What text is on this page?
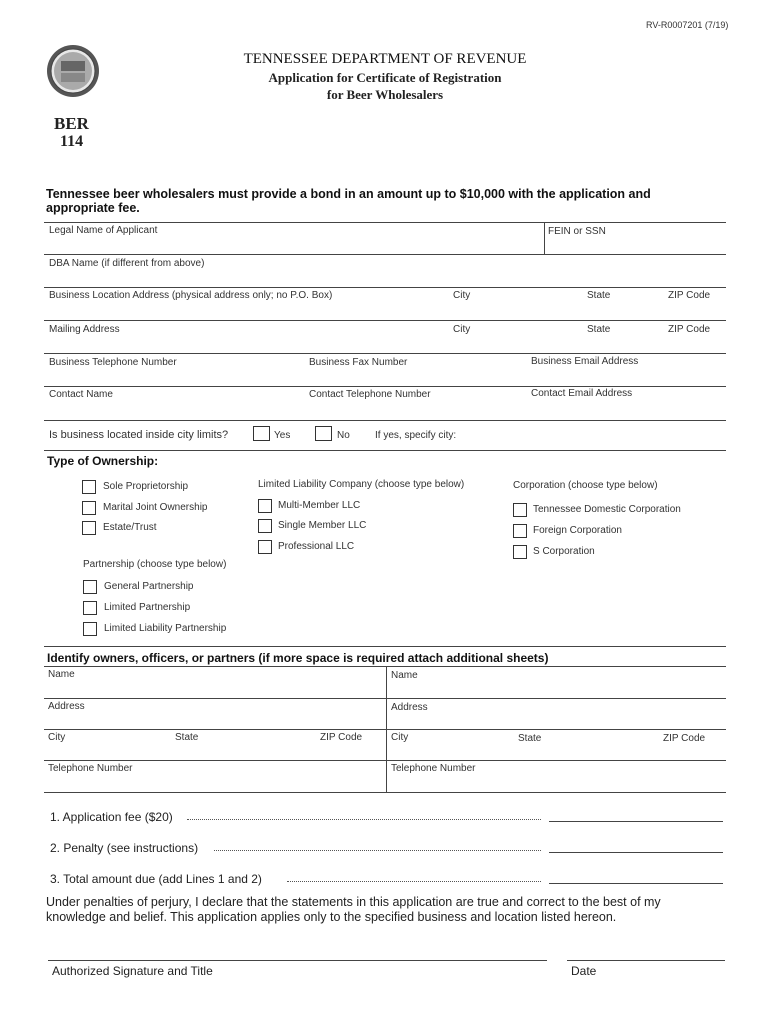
RV-R0007201 (7/19)
TENNESSEE DEPARTMENT OF REVENUE
Application for Certificate of Registration
for Beer Wholesalers
BER
114
Tennessee beer wholesalers must provide a bond in an amount up to $10,000 with the application and
appropriate fee.
Legal Name of Applicant	FEIN or SSN
DBA Name (if different from above)
Business Location Address (physical address only; no P.O. Box)	City	State	ZIP Code
Mailing Address	City	State	ZIP Code
Business Telephone Number	Business Fax Number	Business Email Address
Contact Name	Contact Telephone Number	Contact Email Address
Is business located inside city limits?	Yes	No	If yes, specify city:
Type of Ownership:
Sole Proprietorship
Marital Joint Ownership
Estate/Trust
Limited Liability Company (choose type below)
Multi-Member LLC
Single Member LLC
Professional LLC
Corporation (choose type below)
Tennessee Domestic Corporation
Foreign Corporation
S Corporation
Partnership (choose type below)
General Partnership
Limited Partnership
Limited Liability Partnership
Identify owners, officers, or partners (if more space is required attach additional sheets)
Name	Name
Address	Address
City	State	ZIP Code	City	State	ZIP Code
Telephone Number	Telephone Number
1. Application fee ($20)
2. Penalty (see instructions)
3. Total amount due (add Lines 1 and 2)
Under penalties of perjury, I declare that the statements in this application are true and correct to the best of my
knowledge and belief. This application applies only to the specified business and location listed hereon.
Authorized Signature and Title	Date
